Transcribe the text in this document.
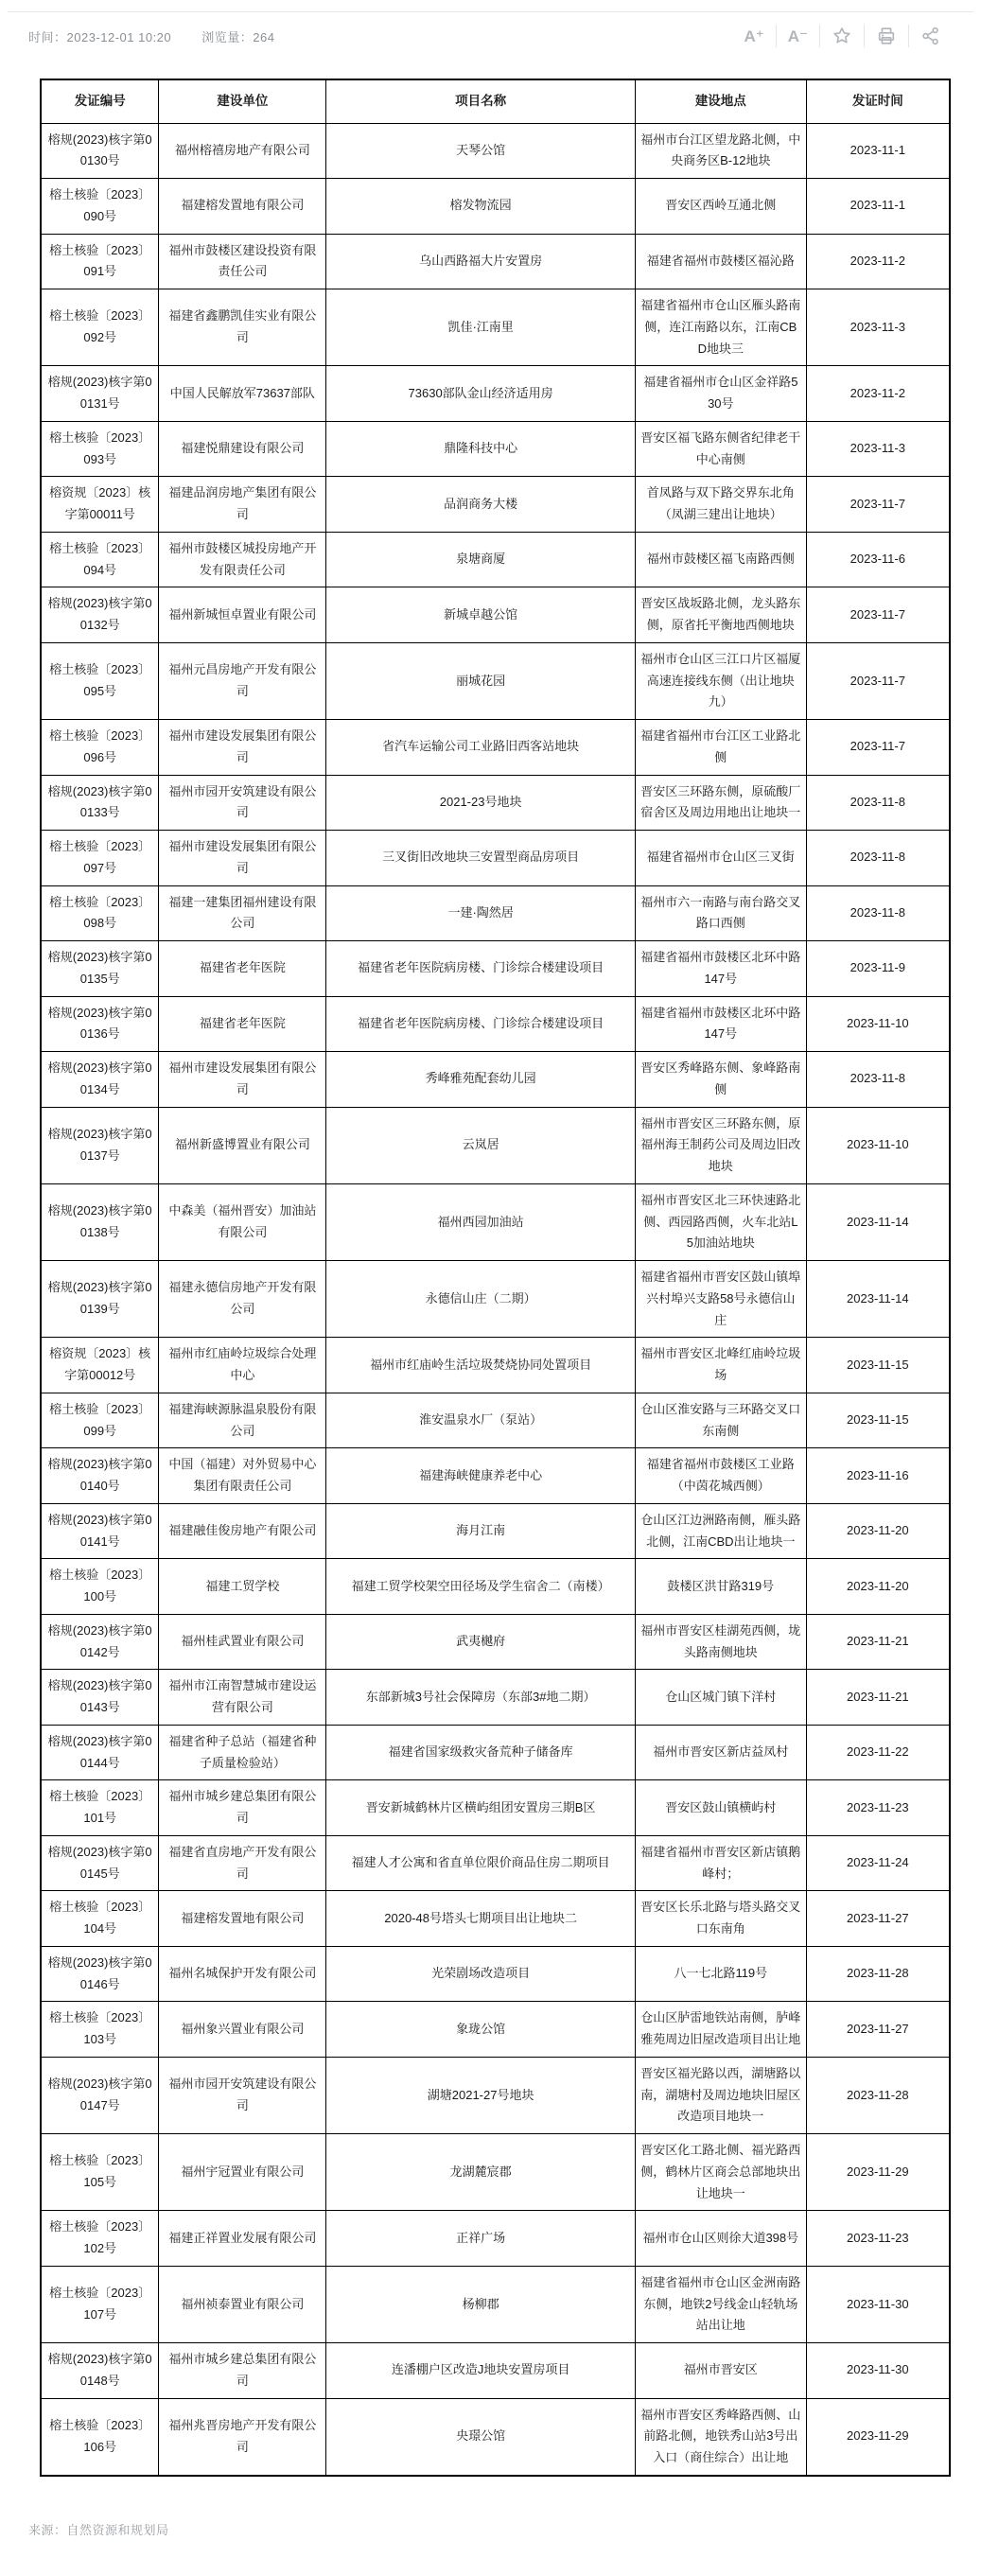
时间：2023-12-01 10:20 浏览量：264	A⁺ A⁻
发证编号	建设单位	项目名称	建设地点	发证时间
榕规(2023)核字第00130号	福州榕禧房地产有限公司	天琴公馆	福州市台江区望龙路北侧，中央商务区B-12地块	2023-11-1
榕土核验〔2023〕090号	福建榕发置地有限公司	榕发物流园	晋安区西岭互通北侧	2023-11-1
榕土核验〔2023〕091号	福州市鼓楼区建设投资有限责任公司	乌山西路福大片安置房	福建省福州市鼓楼区福沁路	2023-11-2
榕土核验〔2023〕092号	福建省鑫鹏凯佳实业有限公司	凯佳·江南里	福建省福州市仓山区雁头路南侧，连江南路以东，江南CBD地块三	2023-11-3
榕规(2023)核字第00131号	中国人民解放军73637部队	73630部队金山经济适用房	福建省福州市仓山区金祥路530号	2023-11-2
榕土核验〔2023〕093号	福建悦鼎建设有限公司	鼎隆科技中心	晋安区福飞路东侧省纪律老干中心南侧	2023-11-3
榕资规〔2023〕核字第00011号	福建品润房地产集团有限公司	品润商务大楼	首凤路与双下路交界东北角（凤湖三建出让地块）	2023-11-7
榕土核验〔2023〕094号	福州市鼓楼区城投房地产开发有限责任公司	泉塘商厦	福州市鼓楼区福飞南路西侧	2023-11-6
榕规(2023)核字第00132号	福州新城恒卓置业有限公司	新城卓越公馆	晋安区战坂路北侧，龙头路东侧，原省托平衡地西侧地块	2023-11-7
榕土核验〔2023〕095号	福州元昌房地产开发有限公司	丽城花园	福州市仓山区三江口片区福厦高速连接线东侧（出让地块九）	2023-11-7
榕土核验〔2023〕096号	福州市建设发展集团有限公司	省汽车运输公司工业路旧西客站地块	福建省福州市台江区工业路北侧	2023-11-7
榕规(2023)核字第00133号	福州市园开安筑建设有限公司	2021-23号地块	晋安区三环路东侧，原硫酸厂宿舍区及周边用地出让地块一	2023-11-8
榕土核验〔2023〕097号	福州市建设发展集团有限公司	三叉街旧改地块三安置型商品房项目	福建省福州市仓山区三叉街	2023-11-8
榕土核验〔2023〕098号	福建一建集团福州建设有限公司	一建·陶然居	福州市六一南路与南台路交叉路口西侧	2023-11-8
榕规(2023)核字第00135号	福建省老年医院	福建省老年医院病房楼、门诊综合楼建设项目	福建省福州市鼓楼区北环中路147号	2023-11-9
榕规(2023)核字第00136号	福建省老年医院	福建省老年医院病房楼、门诊综合楼建设项目	福建省福州市鼓楼区北环中路147号	2023-11-10
榕规(2023)核字第00134号	福州市建设发展集团有限公司	秀峰雅苑配套幼儿园	晋安区秀峰路东侧、象峰路南侧	2023-11-8
榕规(2023)核字第00137号	福州新盛博置业有限公司	云岚居	福州市晋安区三环路东侧，原福州海王制药公司及周边旧改地块	2023-11-10
榕规(2023)核字第00138号	中森美（福州晋安）加油站有限公司	福州西园加油站	福州市晋安区北三环快速路北侧、西园路西侧，火车北站L5加油站地块	2023-11-14
榕规(2023)核字第00139号	福建永德信房地产开发有限公司	永德信山庄（二期）	福建省福州市晋安区鼓山镇埠兴村埠兴支路58号永德信山庄	2023-11-14
榕资规〔2023〕核字第00012号	福州市红庙岭垃圾综合处理中心	福州市红庙岭生活垃圾焚烧协同处置项目	福州市晋安区北峰红庙岭垃圾场	2023-11-15
榕土核验〔2023〕099号	福建海峡源脉温泉股份有限公司	淮安温泉水厂（泵站）	仓山区淮安路与三环路交叉口东南侧	2023-11-15
榕规(2023)核字第00140号	中国（福建）对外贸易中心集团有限责任公司	福建海峡健康养老中心	福建省福州市鼓楼区工业路（中茵花城西侧）	2023-11-16
榕规(2023)核字第00141号	福建融佳俊房地产有限公司	海月江南	仓山区江边洲路南侧，雁头路北侧，江南CBD出让地块一	2023-11-20
榕土核验〔2023〕100号	福建工贸学校	福建工贸学校架空田径场及学生宿舍二（南楼）	鼓楼区洪甘路319号	2023-11-20
榕规(2023)核字第00142号	福州桂武置业有限公司	武夷樾府	福州市晋安区桂湖苑西侧，垅头路南侧地块	2023-11-21
榕规(2023)核字第00143号	福州市江南智慧城市建设运营有限公司	东部新城3号社会保障房（东部3#地二期）	仓山区城门镇下洋村	2023-11-21
榕规(2023)核字第00144号	福建省种子总站（福建省种子质量检验站）	福建省国家级救灾备荒种子储备库	福州市晋安区新店益凤村	2023-11-22
榕土核验〔2023〕101号	福州市城乡建总集团有限公司	晋安新城鹤林片区横屿组团安置房三期B区	晋安区鼓山镇横屿村	2023-11-23
榕规(2023)核字第00145号	福建省直房地产开发有限公司	福建人才公寓和省直单位限价商品住房二期项目	福建省福州市晋安区新店镇鹅峰村；	2023-11-24
榕土核验〔2023〕104号	福建榕发置地有限公司	2020-48号塔头七期项目出让地块二	晋安区长乐北路与塔头路交叉口东南角	2023-11-27
榕规(2023)核字第00146号	福州名城保护开发有限公司	光荣剧场改造项目	八一七北路119号	2023-11-28
榕土核验〔2023〕103号	福州象兴置业有限公司	象珑公馆	仓山区胪雷地铁站南侧，胪峰雅苑周边旧屋改造项目出让地	2023-11-27
榕规(2023)核字第00147号	福州市园开安筑建设有限公司	湖塘2021-27号地块	晋安区福光路以西，湖塘路以南，湖塘村及周边地块旧屋区改造项目地块一	2023-11-28
榕土核验〔2023〕105号	福州宇冠置业有限公司	龙湖麓宸郡	晋安区化工路北侧、福光路西侧，鹤林片区商会总部地块出让地块一	2023-11-29
榕土核验〔2023〕102号	福建正祥置业发展有限公司	正祥广场	福州市仓山区则徐大道398号	2023-11-23
榕土核验〔2023〕107号	福州祯泰置业有限公司	杨柳郡	福建省福州市仓山区金洲南路东侧，地铁2号线金山轻轨场站出让地	2023-11-30
榕规(2023)核字第00148号	福州市城乡建总集团有限公司	连潘棚户区改造J地块安置房项目	福州市晋安区	2023-11-30
榕土核验〔2023〕106号	福州兆晋房地产开发有限公司	央璟公馆	福州市晋安区秀峰路西侧、山前路北侧，地铁秀山站3号出入口（商住综合）出让地	2023-11-29
来源：自然资源和规划局
